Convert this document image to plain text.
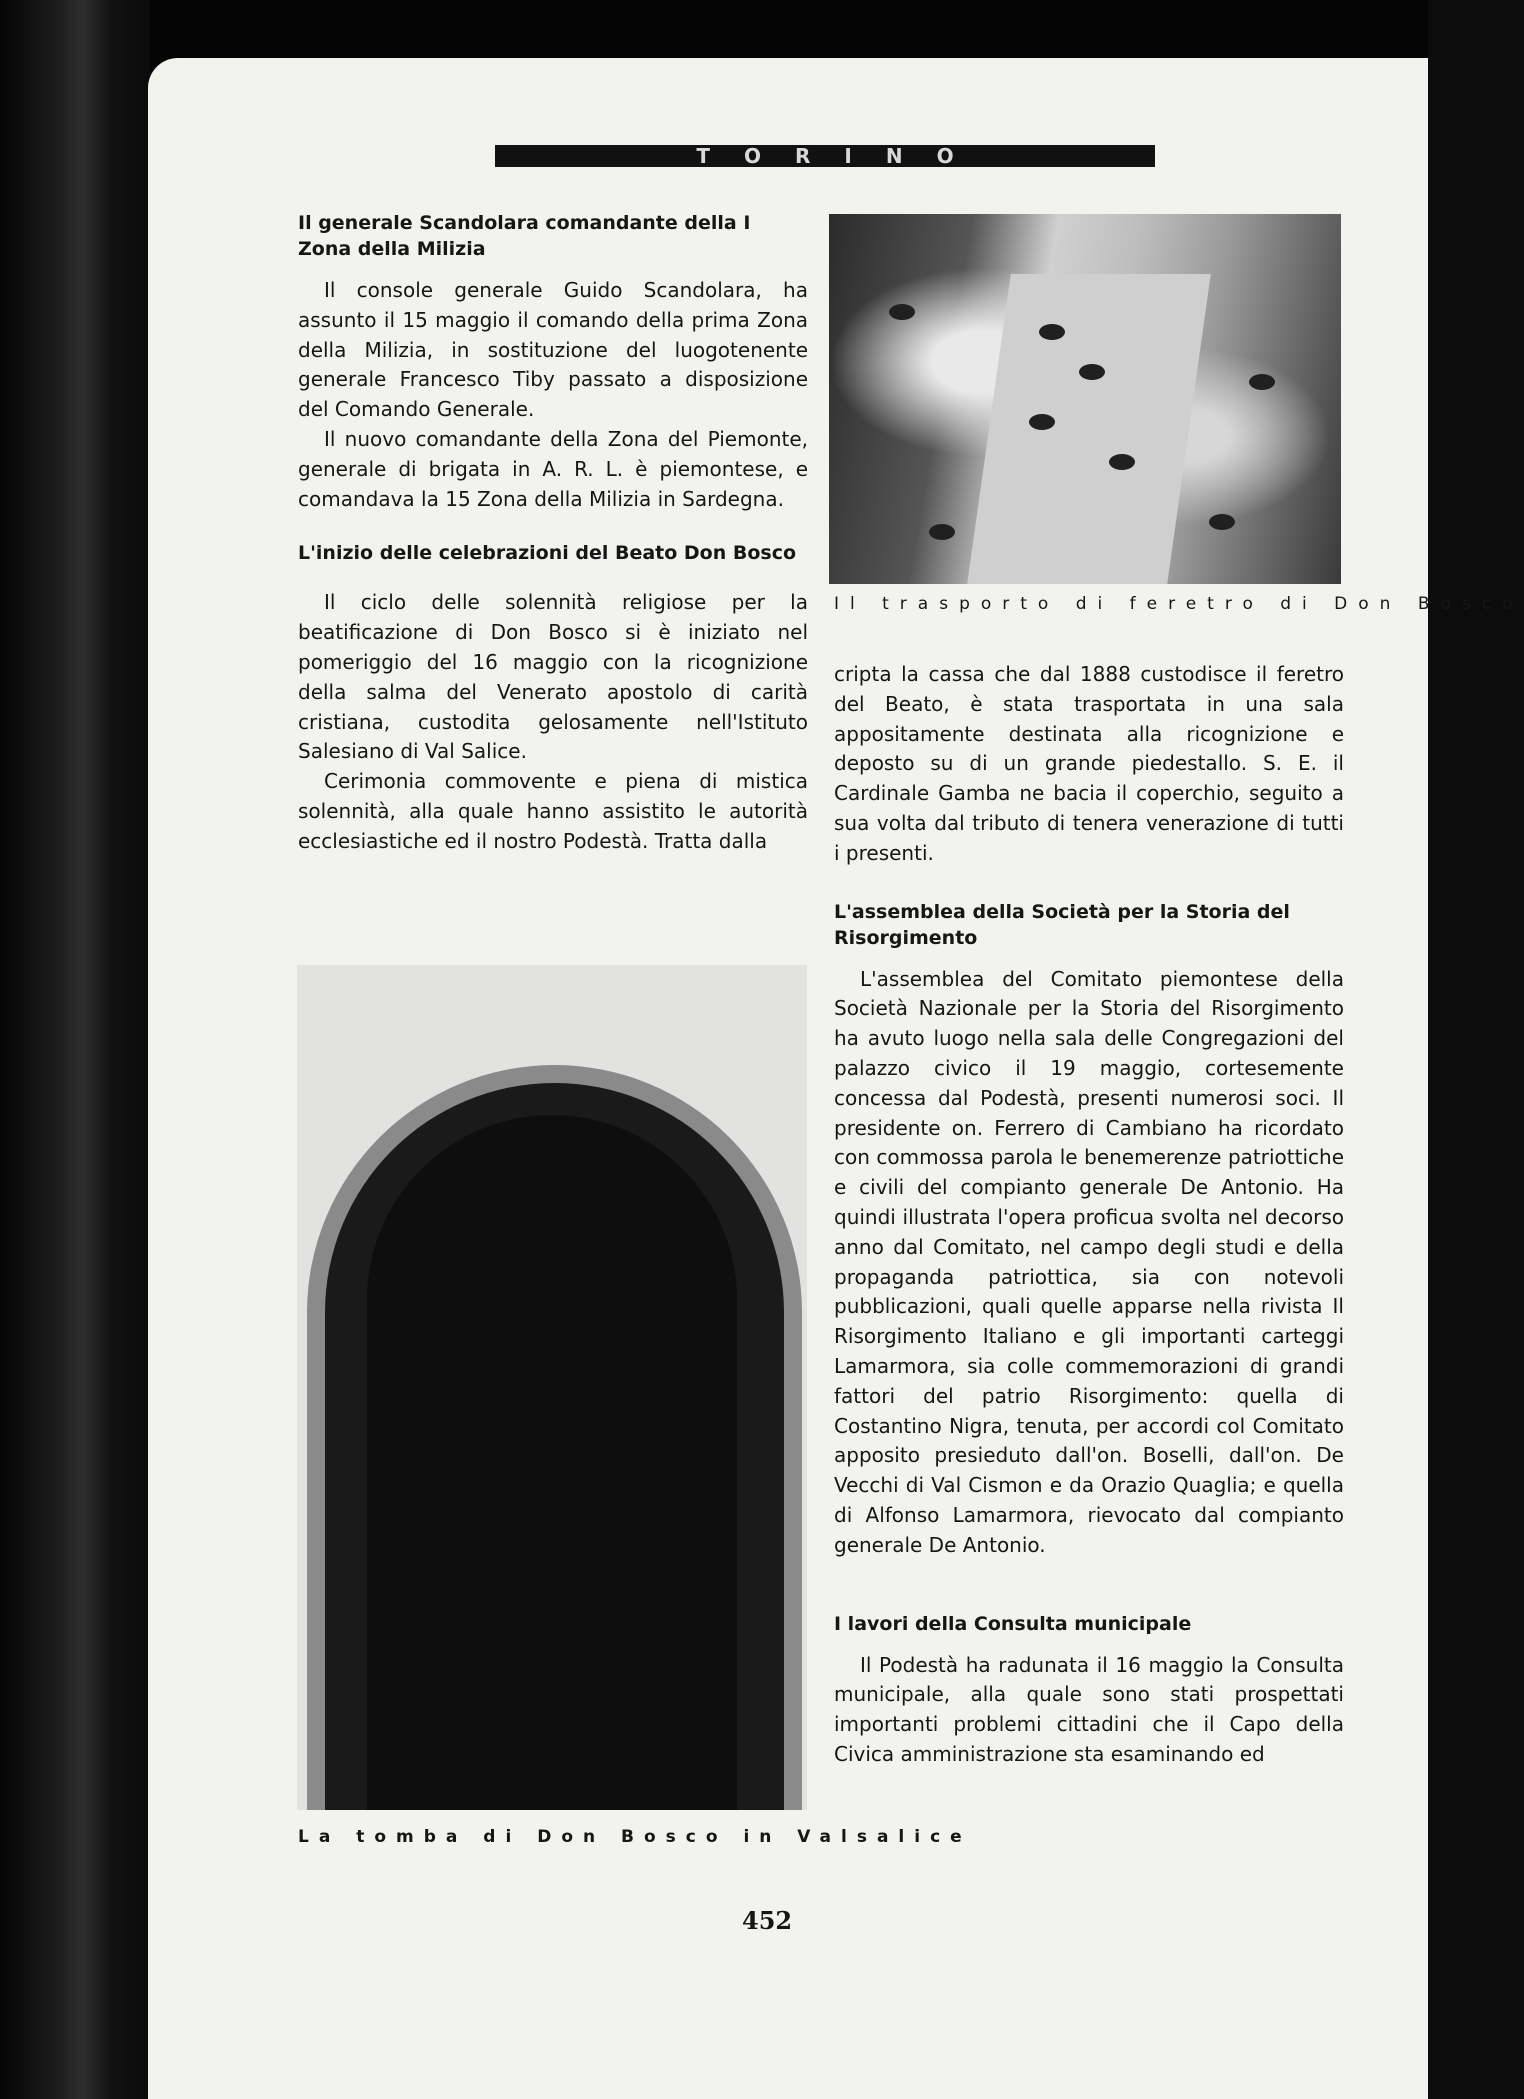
TORINO

Il generale Scandolara comandante della I Zona della Milizia

Il console generale Guido Scandolara, ha assunto il 15 maggio il comando della prima Zona della Milizia, in sostituzione del luogotenente generale Francesco Tiby passato a disposizione del Comando Generale.

Il nuovo comandante della Zona del Piemonte, generale di brigata in A. R. L. è piemontese, e comandava la 15 Zona della Milizia in Sardegna.

L'inizio delle celebrazioni del Beato Don Bosco

Il ciclo delle solennità religiose per la beatificazione di Don Bosco si è iniziato nel pomeriggio del 16 maggio con la ricognizione della salma del Venerato apostolo di carità cristiana, custodita gelosamente nell'Istituto Salesiano di Val Salice.

Cerimonia commovente e piena di mistica solennità, alla quale hanno assistito le autorità ecclesiastiche ed il nostro Podestà. Tratta dalla

Il trasporto di feretro di Don Bosco

cripta la cassa che dal 1888 custodisce il feretro del Beato, è stata trasportata in una sala appositamente destinata alla ricognizione e deposto su di un grande piedestallo. S. E. il Cardinale Gamba ne bacia il coperchio, seguito a sua volta dal tributo di tenera venerazione di tutti i presenti.

L'assemblea della Società per la Storia del Risorgimento

L'assemblea del Comitato piemontese della Società Nazionale per la Storia del Risorgimento ha avuto luogo nella sala delle Congregazioni del palazzo civico il 19 maggio, cortesemente concessa dal Podestà, presenti numerosi soci. Il presidente on. Ferrero di Cambiano ha ricordato con commossa parola le benemerenze patriottiche e civili del compianto generale De Antonio. Ha quindi illustrata l'opera proficua svolta nel decorso anno dal Comitato, nel campo degli studi e della propaganda patriottica, sia con notevoli pubblicazioni, quali quelle apparse nella rivista Il Risorgimento Italiano e gli importanti carteggi Lamarmora, sia colle commemorazioni di grandi fattori del patrio Risorgimento: quella di Costantino Nigra, tenuta, per accordi col Comitato apposito presieduto dall'on. Boselli, dall'on. De Vecchi di Val Cismon e da Orazio Quaglia; e quella di Alfonso Lamarmora, rievocato dal compianto generale De Antonio.

I lavori della Consulta municipale

Il Podestà ha radunata il 16 maggio la Consulta municipale, alla quale sono stati prospettati importanti problemi cittadini che il Capo della Civica amministrazione sta esaminando ed

La tomba di Don Bosco in Valsalice
452
